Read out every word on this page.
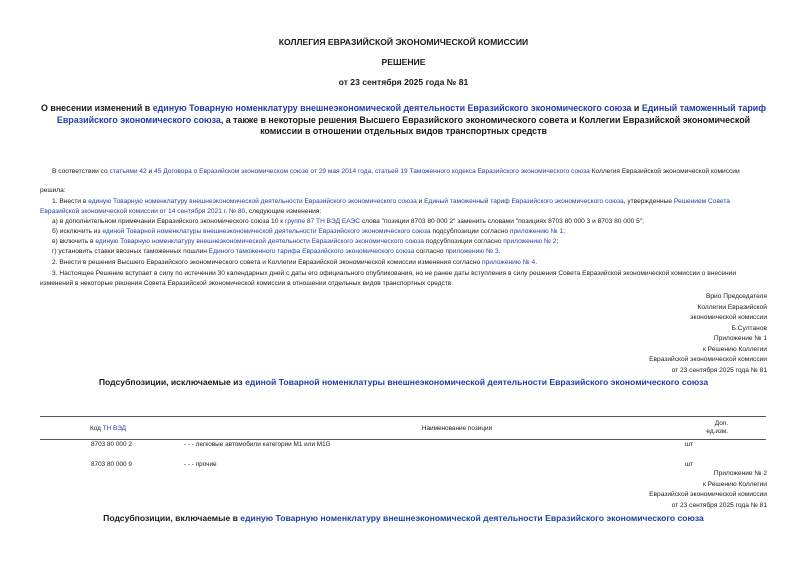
КОЛЛЕГИЯ ЕВРАЗИЙСКОЙ ЭКОНОМИЧЕСКОЙ КОМИССИИ
РЕШЕНИЕ
от 23 сентября 2025 года № 81
О внесении изменений в единую Товарную номенклатуру внешнеэкономической деятельности Евразийского экономического союза и Единый таможенный тариф Евразийского экономического союза, а также в некоторые решения Высшего Евразийского экономического совета и Коллегии Евразийской экономической комиссии в отношении отдельных видов транспортных средств
В соответствии со статьями 42 и 45 Договора о Евразийском экономическом союзе от 29 мая 2014 года, статьей 19 Таможенного кодекса Евразийского экономического союза Коллегия Евразийской экономической комиссии
решила:
1. Внести в единую Товарную номенклатуру внешнеэкономической деятельности Евразийского экономического союза и Единый таможенный тариф Евразийского экономического союза, утвержденные Решением Совета Евразийской экономической комиссии от 14 сентября 2021 г. № 80, следующие изменения:
а) в дополнительном примечании Евразийского экономического союза 10 к группе 87 ТН ВЭД ЕАЭС слова "позиции 8703 80 000 2" заменить словами "позициях 8703 80 000 3 и 8703 80 000 5";
б) исключить из единой Товарной номенклатуры внешнеэкономической деятельности Евразийского экономического союза подсубпозиции согласно приложению № 1;
в) включить в единую Товарную номенклатуру внешнеэкономической деятельности Евразийского экономического союза подсубпозиции согласно приложению № 2;
г) установить ставки ввозных таможенных пошлин Единого таможенного тарифа Евразийского экономического союза согласно приложению № 3.
2. Внести в решения Высшего Евразийского экономического совета и Коллегии Евразийской экономической комиссии изменения согласно приложению № 4.
3. Настоящее Решение вступает в силу по истечении 30 календарных дней с даты его официального опубликования, но не ранее даты вступления в силу решения Совета Евразийской экономической комиссии о внесении изменений в некоторые решения Совета Евразийской экономической комиссии в отношении отдельных видов транспортных средств.
Врио Председателя
Коллегии Евразийской
экономической комиссии
Б.Султанов
Приложение № 1
к Решению Коллегии
Евразийской экономической комиссии
от 23 сентября 2025 года № 81
Подсубпозиции, исключаемые из единой Товарной номенклатуры внешнеэкономической деятельности Евразийского экономического союза
Код ТН ВЭД	Наименование позиции	
Доп.
ед.изм.
8703 80 000 2	- - - легковые автомобили категории M1 или M1G	шт
8703 80 000 9	- - - прочие	шт
Приложение № 2
к Решению Коллегии
Евразийской экономической комиссии
от 23 сентября 2025 года № 81
Подсубпозиции, включаемые в единую Товарную номенклатуру внешнеэкономической деятельности Евразийского экономического союза
